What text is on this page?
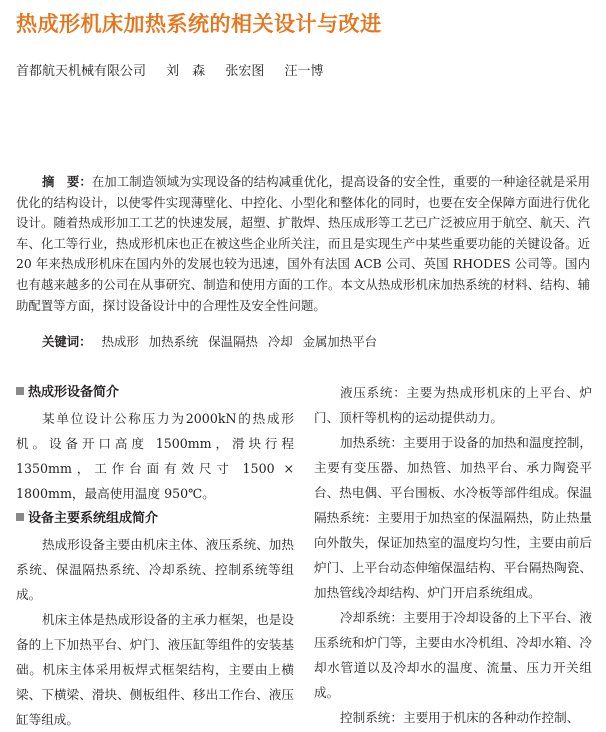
热成形机床加热系统的相关设计与改进
首都航天机械有限公司 刘　森 张宏图 汪一博
摘　要：在加工制造领域为实现设备的结构减重优化，提高设备的安全性，重要的一种途径就是采用优化的结构设计，以使零件实现薄壁化、中控化、小型化和整体化的同时，也要在安全保障方面进行优化设计。随着热成形加工工艺的快速发展，超塑、扩散焊、热压成形等工艺已广泛被应用于航空、航天、汽车、化工等行业，热成形机床也正在被这些企业所关注，而且是实现生产中某些重要功能的关键设备。近 20 年来热成形机床在国内外的发展也较为迅速，国外有法国 ACB 公司、英国 RHODES 公司等。国内也有越来越多的公司在从事研究、制造和使用方面的工作。本文从热成形机床加热系统的材料、结构、辅助配置等方面，探讨设备设计中的合理性及安全性问题。
关键词： 热成形 加热系统 保温隔热 冷却 金属加热平台
热成形设备简介

某单位设计公称压力为2000kN的热成形机。设备开口高度 1500mm，滑块行程 1350mm，工作台面有效尺寸 1500 × 1800mm，最高使用温度 950℃。

设备主要系统组成简介

热成形设备主要由机床主体、液压系统、加热系统、保温隔热系统、冷却系统、控制系统等组成。

机床主体是热成形设备的主承力框架，也是设备的上下加热平台、炉门、液压缸等组件的安装基础。机床主体采用板焊式框架结构，主要由上横梁、下横梁、滑块、侧板组件、移出工作台、液压缸等组成。

液压系统：主要为热成形机床的上平台、炉门、顶杆等机构的运动提供动力。

加热系统：主要用于设备的加热和温度控制，主要有变压器、加热管、加热平台、承力陶瓷平台、热电偶、平台围板、水冷板等部件组成。保温隔热系统：主要用于加热室的保温隔热，防止热量向外散失，保证加热室的温度均匀性，主要由前后炉门、上平台动态伸缩保温结构、平台隔热陶瓷、加热管线冷却结构、炉门开启系统组成。

冷却系统：主要用于冷却设备的上下平台、液压系统和炉门等，主要由水冷机组、冷却水箱、冷却水管道以及冷却水的温度、流量、压力开关组成。

控制系统：主要用于机床的各种动作控制、
